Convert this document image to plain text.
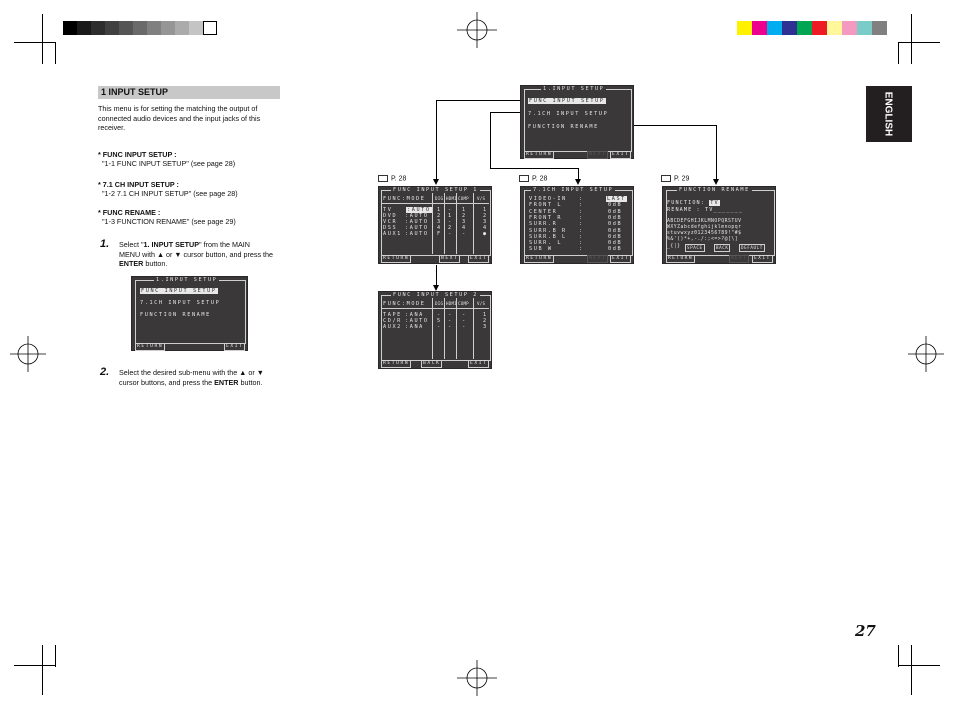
1 INPUT SETUP
This menu is for setting the matching the output of connected audio devices and the input jacks of this receiver.
* FUNC INPUT SETUP :
"1-1 FUNC INPUT SETUP" (see page 28)
* 7.1 CH INPUT SETUP :
"1-2 7.1 CH INPUT SETUP" (see page 28)
* FUNC RENAME :
"1-3 FUNCTION RENAME" (see page 29)
1. Select "1. INPUT SETUP" from the MAIN
MENU with ▲ or ▼ cursor button, and press the
ENTER button.
1.INPUT SETUP
FUNC INPUT SETUP
7.1CH INPUT SETUP
FUNCTION RENAME
RETURN	EXIT
2. Select the desired sub-menu with the ▲ or ▼
cursor buttons, and press the ENTER button.
1.INPUT SETUP
FUNC INPUT SETUP
7.1CH INPUT SETUP
FUNCTION RENAME
RETURN	NEXT	EXIT
P. 28	P. 28	P. 29
FUNC INPUT SETUP 1
FUNC:MODE DIG HDMI COMP V/S
TV	:AUTO 1 - 1	1
DVD :AUTO 2 1 2	2
VCR :AUTO 3 - 3	3
DSS :AUTO 4 2 4	4
AUX1 :AUTO F - -	●
RETURN	NEXT	EXIT
FUNC INPUT SETUP 2
FUNC:MODE DIG HDMI COMP V/S
TAPE :ANA	- - -	1
CD/R :AUTO 5 - -	2
AUX2 :ANA	- - -	3
RETURN	BACK	EXIT
7.1CH INPUT SETUP
VIDEO-IN :	LAST
FRONT L	:	0dB
CENTER	:	0dB
FRONT R	:	0dB
SURR.R	:	0dB
SURR.B R :	0dB
SURR.B L :	0dB
SURR. L	:	0dB
SUB W	:	0dB
RETURN	NEXT	EXIT
FUNCTION RENAME
FUNCTION: TV
RENAME : TV_______
ABCDEFGHIJKLMNOPQRSTUV
WXYZabcdefghijklmnopqr
stuvwxyz0123456789!"#$
%&'()*+,-./:;<=>?@[\]
_{|}	SPACE	BACK	DEFAULT
RETURN	NEXT	EXIT
ENGLISH
27
